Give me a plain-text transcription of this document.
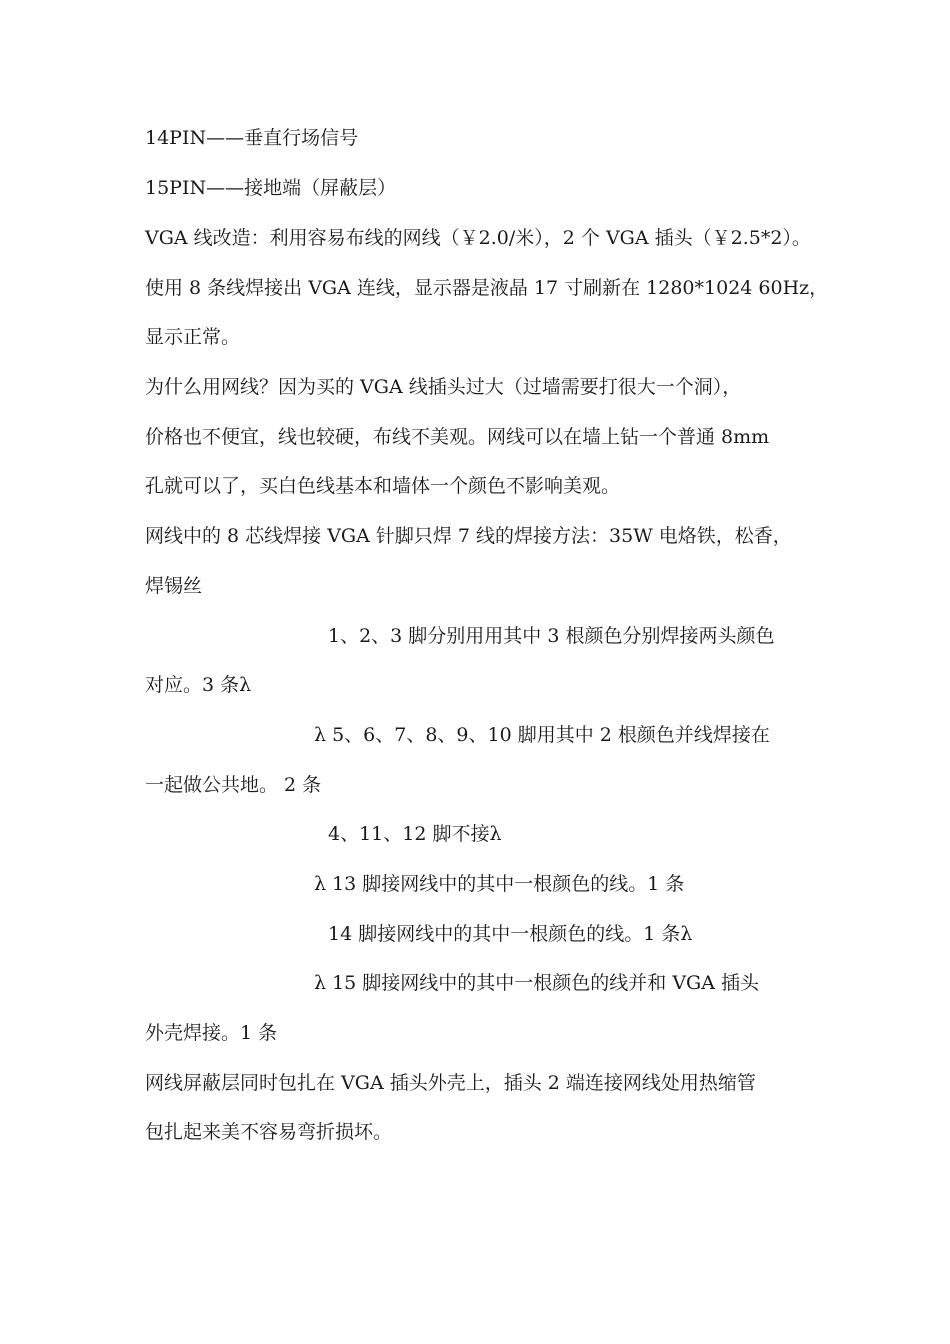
14PIN——垂直行场信号
15PIN——接地端（屏蔽层）
VGA 线改造：利用容易布线的网线（￥2.0/米），2 个 VGA 插头（￥2.5*2）。
使用 8 条线焊接出 VGA 连线，显示器是液晶 17 寸刷新在 1280*1024 60Hz，
显示正常。
为什么用网线？因为买的 VGA 线插头过大（过墙需要打很大一个洞），
价格也不便宜，线也较硬，布线不美观。网线可以在墙上钻一个普通 8mm
孔就可以了，买白色线基本和墙体一个颜色不影响美观。
网线中的 8 芯线焊接 VGA 针脚只焊 7 线的焊接方法：35W 电烙铁，松香，
焊锡丝
1、2、3 脚分别用用其中 3 根颜色分别焊接两头颜色
对应。3 条λ
λ 5、6、7、8、9、10 脚用其中 2 根颜色并线焊接在
一起做公共地。 2 条
4、11、12 脚不接λ
λ 13 脚接网线中的其中一根颜色的线。1 条
14 脚接网线中的其中一根颜色的线。1 条λ
λ 15 脚接网线中的其中一根颜色的线并和 VGA 插头
外壳焊接。1 条
网线屏蔽层同时包扎在 VGA 插头外壳上，插头 2 端连接网线处用热缩管
包扎起来美不容易弯折损坏。
